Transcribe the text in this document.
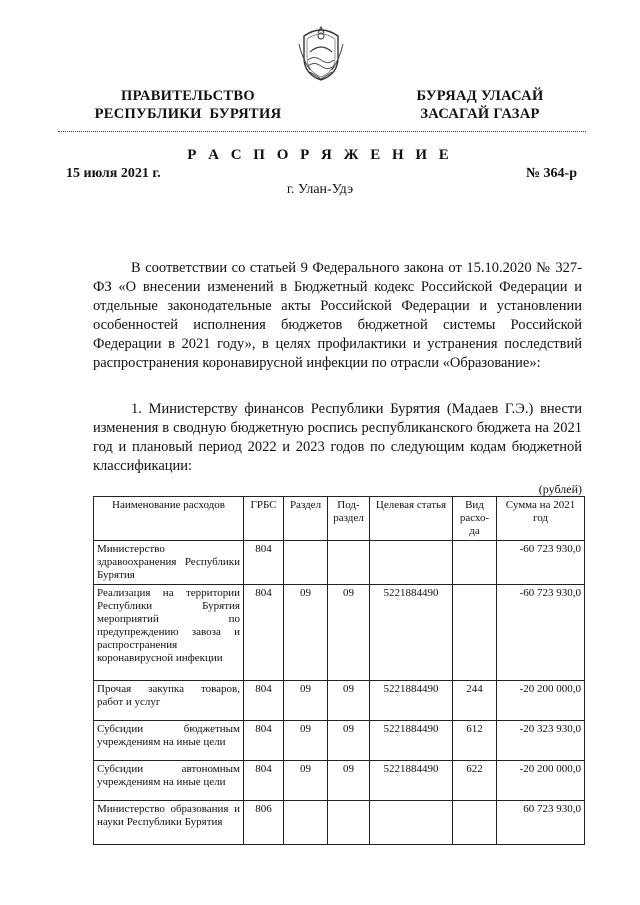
ПРАВИТЕЛЬСТВО
РЕСПУБЛИКИ  БУРЯТИЯ
БУРЯАД УЛАСАЙ
ЗАСАГАЙ ГАЗАР
Р А С П О Р Я Ж Е Н И Е
15 июля 2021 г.	№ 364-р
г. Улан-Удэ

В соответствии со статьей 9 Федерального закона от 15.10.2020 № 327-ФЗ «О внесении изменений в Бюджетный кодекс Российской Федерации и отдельные законодательные акты Российской Федерации и установлении особенностей исполнения бюджетов бюджетной системы Российской Федерации в 2021 году», в целях профилактики и устранения последствий распространения коронавирусной инфекции по отрасли «Образование»:

1. Министерству финансов Республики Бурятия (Мадаев Г.Э.) внести изменения в сводную бюджетную роспись республиканского бюджета на 2021 год и плановый период 2022 и 2023 годов по следующим кодам бюджетной классификации:

(рублей)
Наименование расходов	ГРБС	Раздел	Под-раздел	Целевая статья	Вид расхо-да	Сумма на 2021 год
Министерство здравоохранения Республики Бурятия	804					-60 723 930,0
Реализация на территории Республики Бурятия мероприятий по предупреждению завоза и распространения коронавирусной инфекции	804	09	09	5221884490		-60 723 930,0
Прочая закупка товаров, работ и услуг	804	09	09	5221884490	244	-20 200 000,0
Субсидии бюджетным учреждениям на иные цели	804	09	09	5221884490	612	-20 323 930,0
Субсидии автономным учреждениям на иные цели	804	09	09	5221884490	622	-20 200 000,0
Министерство образования и науки Республики Бурятия	806					60 723 930,0
